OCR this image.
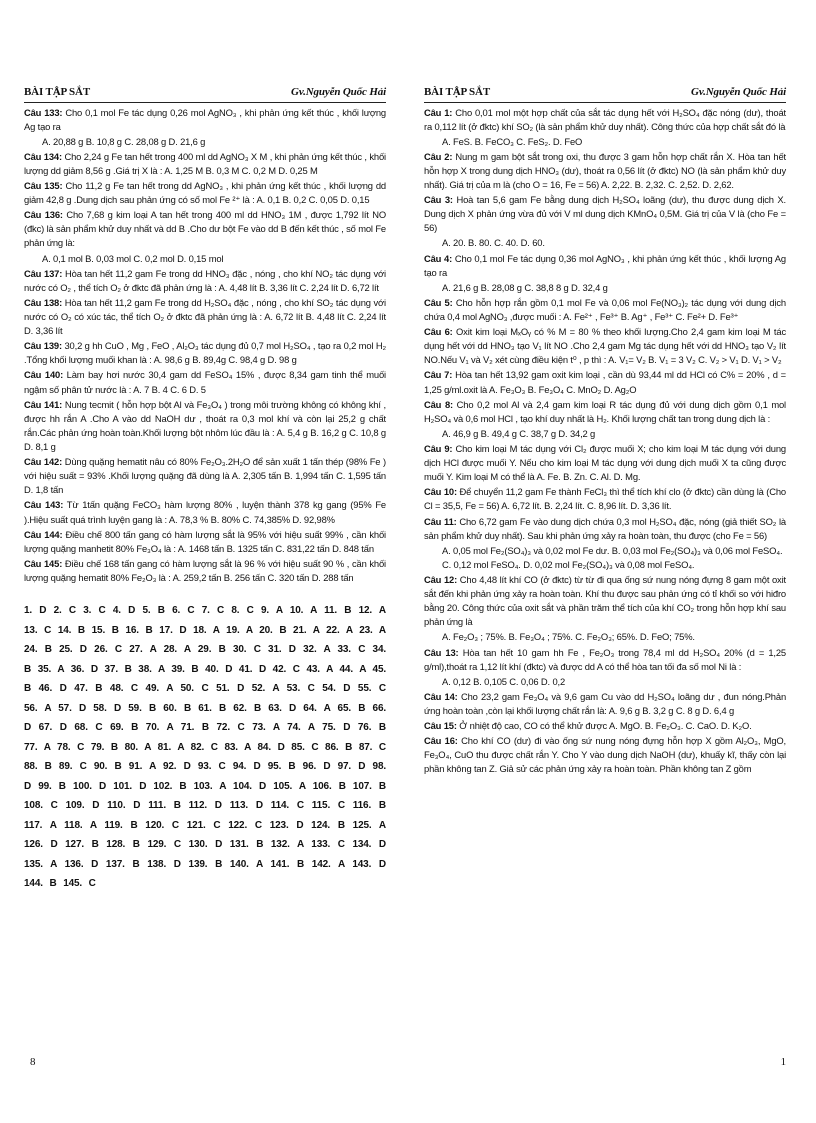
BÀI TẬP SẮT	Gv.Nguyễn Quốc Hải
Câu 133: Cho 0,1 mol Fe tác dụng 0,26 mol AgNO₃ , khi phản ứng kết thúc , khối lượng Ag tạo ra
A. 20,88 g B. 10,8 g C. 28,08 g D. 21,6 g
Câu 134: Cho 2,24 g Fe tan hết trong 400 ml dd AgNO₃ X M , khi phản ứng kết thúc , khối lượng dd giảm 8,56 g .Giá trị X là : A. 1,25 M B. 0,3 M C. 0,2 M D. 0,25 M
Câu 135: Cho 11,2 g Fe tan hết trong dd AgNO₃ , khi phản ứng kết thúc , khối lượng dd giảm 42,8 g .Dung dịch sau phản ứng có số mol Fe ²⁺ là : A. 0,1 B. 0,2 C. 0,05 D. 0,15
Câu 136: Cho 7,68 g kim loại A tan hết trong 400 ml dd HNO₃ 1M , được 1,792 lít NO (đkc) là sản phẩm khử duy nhất và dd B .Cho dư bột Fe vào dd B đến kết thúc , số mol Fe phản ứng là:
A. 0,1 mol B. 0,03 mol C. 0,2 mol D. 0,15 mol
Câu 137: Hòa tan hết 11,2 gam Fe trong dd HNO₃ đặc , nóng , cho khí NO₂ tác dụng với nước có O₂ , thể tích O₂ ở đktc đã phản ứng là : A. 4,48 lít B. 3,36 lít C. 2,24 lít D. 6,72 lít
Câu 138: Hòa tan hết 11,2 gam Fe trong dd H₂SO₄ đặc , nóng , cho khí SO₂ tác dụng với nước có O₂ có xúc tác, thể tích O₂ ở đktc đã phản ứng là : A. 6,72 lít B. 4,48 lít C. 2,24 lít D. 3,36 lít
Câu 139: 30,2 g hh CuO , Mg , FeO , Al₂O₃ tác dụng đủ 0,7 mol H₂SO₄ , tạo ra 0,2 mol H₂ .Tổng khối lượng muối khan là : A. 98,6 g B. 89,4g C. 98,4 g D. 98 g
Câu 140: Làm bay hơi nước 30,4 gam dd FeSO₄ 15% , được 8,34 gam tinh thể muối ngậm số phân tử nước là : A. 7 B. 4 C. 6 D. 5
Câu 141: Nung tecmit ( hỗn hợp bột Al và Fe₃O₄ ) trong môi trường không có không khí , được hh rắn A .Cho A vào dd NaOH dư , thoát ra 0,3 mol khí và còn lại 25,2 g chất rắn.Các phản ứng hoàn toàn.Khối lượng bột nhôm lúc đầu là : A. 5,4 g B. 16,2 g C. 10,8 g D. 8,1 g
Câu 142: Dùng quặng hematit nâu có 80% Fe₂O₃.2H₂O để sản xuất 1 tấn thép (98% Fe ) với hiệu suất = 93% .Khối lượng quặng đã dùng là A. 2,305 tấn B. 1,994 tấn C. 1,595 tấn D. 1,8 tấn
Câu 143: Từ 1tấn quặng FeCO₃ hàm lượng 80% , luyện thành 378 kg gang (95% Fe ).Hiệu suất quá trình luyện gang là : A. 78,3 % B. 80% C. 74,385% D. 92,98%
Câu 144: Điều chế 800 tấn gang có hàm lượng sắt là 95% với hiệu suất 99% , cần khối lượng quặng manhetit 80% Fe₃O₄ là : A. 1468 tấn B. 1325 tấn C. 831,22 tấn D. 848 tấn
Câu 145: Điều chế 168 tấn gang có hàm lượng sắt là 96 % với hiệu suất 90 % , cần khối lượng quặng hematit 80% Fe₂O₃ là : A. 259,2 tấn B. 256 tấn C. 320 tấn D. 288 tấn
1. D 2. C 3. C 4. D 5. B 6. C 7. C 8. C 9. A 10. A 11. B 12. A 13. C 14. B 15. B 16. B 17. D 18. A 19. A 20. B 21. A 22. A 23. A 24. B 25. D 26. C 27. A 28. A 29. B 30. C 31. D 32. A 33. C 34. B 35. A 36. D 37. B 38. A 39. B 40. D 41. D 42. C 43. A 44. A 45. B 46. D 47. B 48. C 49. A 50. C 51. D 52. A 53. C 54. D 55. C 56. A 57. D 58. D 59. B 60. B 61. B 62. B 63. D 64. A 65. B 66. D 67. D 68. C 69. B 70. A 71. B 72. C 73. A 74. A 75. D 76. B 77. A 78. C 79. B 80. A 81. A 82. C 83. A 84. D 85. C 86. B 87. C 88. B 89. C 90. B 91. A 92. D 93. C 94. D 95. B 96. D 97. D 98. D 99. B 100. D 101. D 102. B 103. A 104. D 105. A 106. B 107. B 108. C 109. D 110. D 111. B 112. D 113. D 114. C 115. C 116. B 117. A 118. A 119. B 120. C 121. C 122. C 123. D 124. B 125. A 126. D 127. B 128. B 129. C 130. D 131. B 132. A 133. C 134. D 135. A 136. D 137. B 138. D 139. B 140. A 141. B 142. A 143. D 144. B 145. C
8
BÀI TẬP SẮT	Gv.Nguyễn Quốc Hải
Câu 1: Cho 0,01 mol một hợp chất của sắt tác dụng hết với H₂SO₄ đặc nóng (dư), thoát ra 0,112 lít (ở đktc) khí SO₂ (là sản phẩm khử duy nhất). Công thức của hợp chất sắt đó là
A. FeS. B. FeCO₃ C. FeS₂. D. FeO
Câu 2: Nung m gam bột sắt trong oxi, thu được 3 gam hỗn hợp chất rắn X. Hòa tan hết hỗn hợp X trong dung dịch HNO₃ (dư), thoát ra 0,56 lít (ở đktc) NO (là sản phẩm khử duy nhất). Giá trị của m là (cho O = 16, Fe = 56) A. 2,22. B. 2,32. C. 2,52. D. 2,62.
Câu 3: Hoà tan 5,6 gam Fe bằng dung dịch H₂SO₄ loãng (dư), thu được dung dịch X. Dung dịch X phản ứng vừa đủ với V ml dung dịch KMnO₄ 0,5M. Giá trị của V là (cho Fe = 56)
A. 20. B. 80. C. 40. D. 60.
Câu 4: Cho 0,1 mol Fe tác dụng 0,36 mol AgNO₃ , khi phản ứng kết thúc , khối lượng Ag tạo ra
A. 21,6 g B. 28,08 g C. 38,8 8 g D. 32,4 g
Câu 5: Cho hỗn hợp rắn gồm 0,1 mol Fe và 0,06 mol Fe(NO₃)₂ tác dụng với dung dịch chứa 0,4 mol AgNO₃ ,được muối : A. Fe²⁺ , Fe³⁺ B. Ag⁺ , Fe³⁺ C. Fe²+ D. Fe³⁺
Câu 6: Oxit kim loại MₓOᵧ có % M = 80 % theo khối lượng.Cho 2,4 gam kim loại M tác dụng hết với dd HNO₃ tạo V₁ lít NO .Cho 2,4 gam Mg tác dụng hết với dd HNO₃ tạo V₂ lít NO.Nếu V₁ và V₂ xét cùng điều kiện t⁰ , p thì : A. V₁= V₂ B. V₁ = 3 V₂ C. V₂ > V₁ D. V₁ > V₂
Câu 7: Hòa tan hết 13,92 gam oxit kim loại , cần dù 93,44 ml dd HCl có C% = 20% , d = 1,25 g/ml.oxit là A. Fe₃O₃ B. Fe₃O₄ C. MnO₂ D. Ag₂O
Câu 8: Cho 0,2 mol Al và 2,4 gam kim loại R tác dụng đủ với dung dịch gồm 0,1 mol H₂SO₄ và 0,6 mol HCl , tạo khí duy nhất là H₂. Khối lượng chất tan trong dung dịch là :
A. 46,9 g B. 49,4 g C. 38,7 g D. 34,2 g
Câu 9: Cho kim loại M tác dụng với Cl₂ được muối X; cho kim loại M tác dụng với dung dịch HCl được muối Y. Nếu cho kim loại M tác dụng với dung dịch muối X ta cũng được muối Y. Kim loại M có thể là A. Fe. B. Zn. C. Al. D. Mg.
Câu 10: Để chuyển 11,2 gam Fe thành FeCl₃ thì thể tích khí clo (ở đktc) cần dùng là (Cho Cl = 35,5, Fe = 56) A. 6,72 lít. B. 2,24 lít. C. 8,96 lít. D. 3,36 lít.
Câu 11: Cho 6,72 gam Fe vào dung dịch chứa 0,3 mol H₂SO₄ đặc, nóng (giả thiết SO₂ là sản phẩm khử duy nhất). Sau khi phản ứng xảy ra hoàn toàn, thu được (cho Fe = 56)
A. 0,05 mol Fe₂(SO₄)₃ và 0,02 mol Fe dư. B. 0,03 mol Fe₂(SO₄)₃ và 0,06 mol FeSO₄. C. 0,12 mol FeSO₄. D. 0,02 mol Fe₂(SO₄)₃ và 0,08 mol FeSO₄.
Câu 12: Cho 4,48 lít khí CO (ở đktc) từ từ đi qua ống sứ nung nóng đựng 8 gam một oxit sắt đến khi phản ứng xảy ra hoàn toàn. Khí thu được sau phản ứng có tỉ khối so với hiđro bằng 20. Công thức của oxit sắt và phần trăm thể tích của khí CO₂ trong hỗn hợp khí sau phản ứng là
A. Fe₂O₃ ; 75%. B. Fe₃O₄ ; 75%. C. Fe₂O₃; 65%. D. FeO; 75%.
Câu 13: Hòa tan hết 10 gam hh Fe , Fe₂O₃ trong 78,4 ml dd H₂SO₄ 20% (d = 1,25 g/ml),thoát ra 1,12 lít khí (đktc) và được dd A có thể hòa tan tối đa số mol Ni là :
A. 0,12 B. 0,105 C. 0,06 D. 0,2
Câu 14: Cho 23,2 gam Fe₃O₄ và 9,6 gam Cu vào dd H₂SO₄ loãng dư , đun nóng.Phản ứng hoàn toàn ,còn lại khối lượng chất rắn là: A. 9,6 g B. 3,2 g C. 8 g D. 6,4 g
Câu 15: Ở nhiệt độ cao, CO có thể khử được A. MgO. B. Fe₂O₃. C. CaO. D. K₂O.
Câu 16: Cho khí CO (dư) đi vào ống sứ nung nóng đựng hỗn hợp X gồm Al₂O₃, MgO, Fe₃O₄, CuO thu được chất rắn Y. Cho Y vào dung dịch NaOH (dư), khuấy kĩ, thấy còn lại phần không tan Z. Giả sử các phản ứng xảy ra hoàn toàn. Phần không tan Z gồm
1
